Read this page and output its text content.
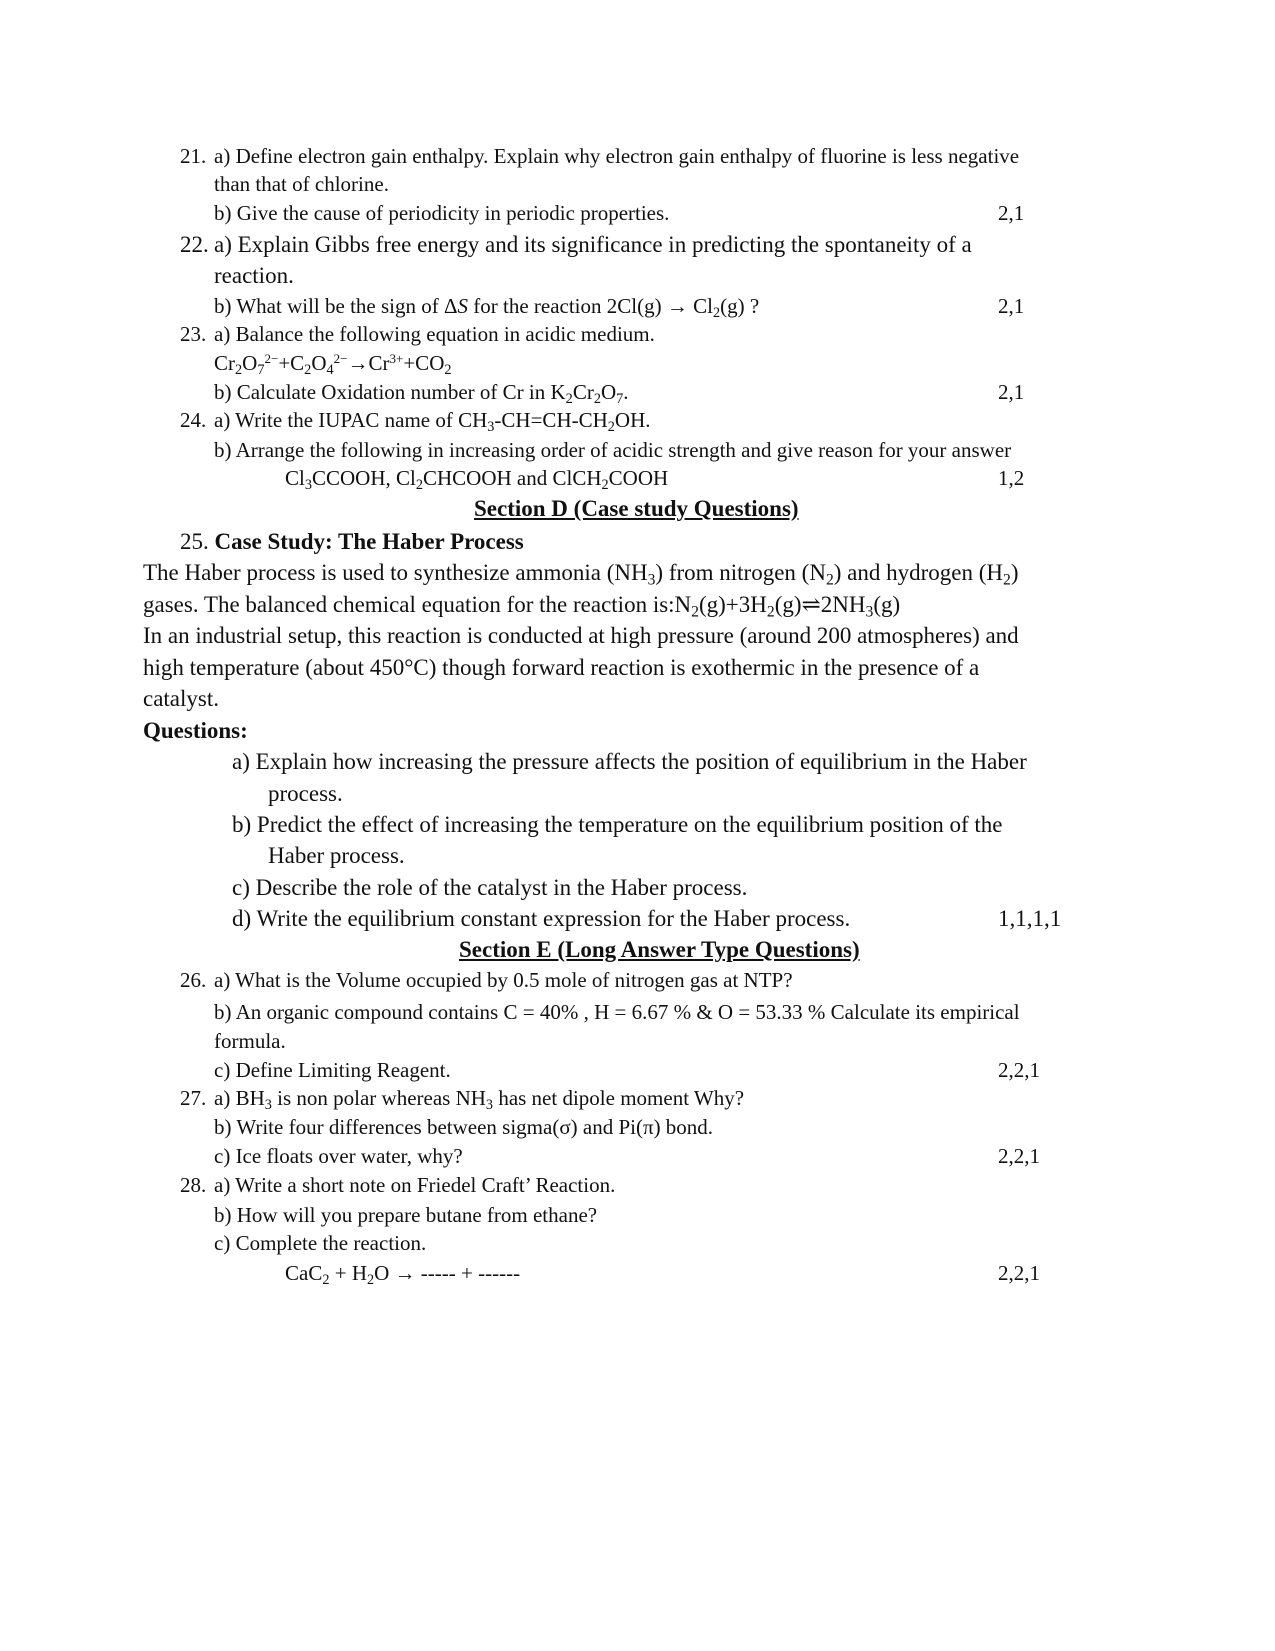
21. a) Define electron gain enthalpy. Explain why electron gain enthalpy of fluorine is less negative
than that of chlorine.
b) Give the cause of periodicity in periodic properties.	2,1
22. a) Explain Gibbs free energy and its significance in predicting the spontaneity of a
reaction.
b) What will be the sign of ΔS for the reaction $2Cl(g) \to Cl_2(g)$ ?	2,1
23. a) Balance the following equation in acidic medium.
$Cr_2O_7^{2-}+C_2O_4^{2-}\to Cr^{3+}+CO_2$
b) Calculate Oxidation number of Cr in $K_2Cr_2O_7$.	2,1
24. a) Write the IUPAC name of $CH_3-CH=CH-CH_2OH$.
b) Arrange the following in increasing order of acidic strength and give reason for your answer
$Cl_3CCOOH$, $Cl_2CHCOOH$ and ClCH$_2$COOH	1,2
Section D (Case study Questions)
25. Case Study: The Haber Process
The Haber process is used to synthesize ammonia $(NH_3)$ from nitrogen $(N_2)$ and hydrogen $(H_2)$
gases. The balanced chemical equation for the reaction $is:N_2(g)+3H_2(g)\rightleftharpoons 2NH_3(g)$
In an industrial setup, this reaction is conducted at high pressure (around 200 atmospheres) and
high temperature (about 450°C) though forward reaction is exothermic in the presence of a
catalyst.
Questions:
a) Explain how increasing the pressure affects the position of equilibrium in the Haber
process.
b) Predict the effect of increasing the temperature on the equilibrium position of the
Haber process.
c) Describe the role of the catalyst in the Haber process.
d) Write the equilibrium constant expression for the Haber process.	1,1,1,1
Section E (Long Answer Type Questions)
26. a) What is the Volume occupied by 0.5 mole of nitrogen gas at NTP?
b) An organic compound contains C = 40% , H = 6.67 % & O = 53.33 % Calculate its empirical
formula.
c) Define Limiting Reagent.	2,2,1
27. a) $BH_3$ is non polar whereas $NH_3$ has net dipole moment Why?
b) Write four differences between sigma(σ) and Pi(π) bond.
c) Ice floats over water, why?	2,2,1
28. a) Write a short note on Friedel Craft’ Reaction.
b) How will you prepare butane from ethane?
c) Complete the reaction.
$CaC_2 + H_2O$ → ----- + ------	2,2,1
